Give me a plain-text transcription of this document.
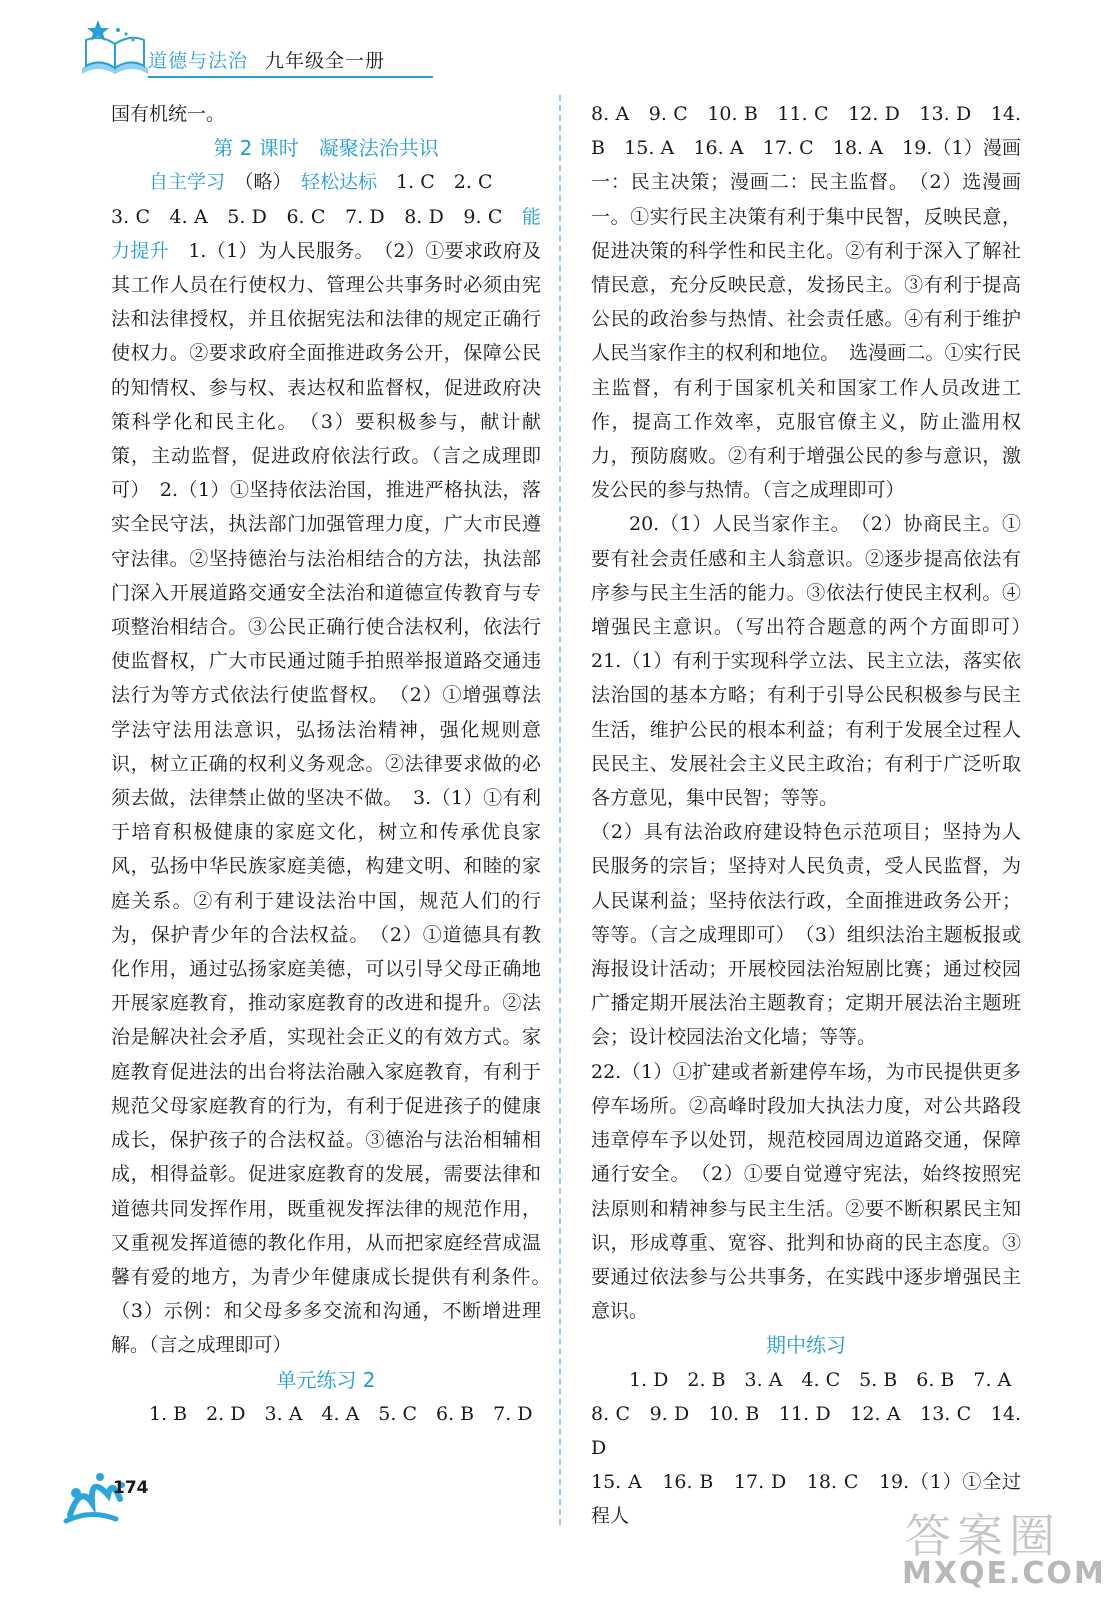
道德与法治 九年级全一册

国有机统一。

第 2 课时　凝聚法治共识

自主学习　 （略）　 轻松达标　 1. C　2. C

3. C　4. A　5. D　6. C　7. D　8. D　9. C　 能力提升　 1.（1）为人民服务。　（2）①要求政府及其工作人员在行使权力、管理公共事务时必须由宪法和法律授权，并且依据宪法和法律的规定正确行使权力。②要求政府全面推进政务公开，保障公民的知情权、参与权、表达权和监督权，促进政府决策科学化和民主化。　（3）要积极参与，献计献策，主动监督，促进政府依法行政。（言之成理即可）　2.（1）①坚持依法治国，推进严格执法，落实全民守法，执法部门加强管理力度，广大市民遵守法律。②坚持德治与法治相结合的方法，执法部门深入开展道路交通安全法治和道德宣传教育与专项整治相结合。③公民正确行使合法权利，依法行使监督权，广大市民通过随手拍照举报道路交通违法行为等方式依法行使监督权。　（2）①增强尊法学法守法用法意识，弘扬法治精神，强化规则意识，树立正确的权利义务观念。②法律要求做的必须去做，法律禁止做的坚决不做。　3.（1）①有利于培育积极健康的家庭文化，树立和传承优良家风，弘扬中华民族家庭美德，构建文明、和睦的家庭关系。②有利于建设法治中国，规范人们的行为，保护青少年的合法权益。　（2）①道德具有教化作用，通过弘扬家庭美德，可以引导父母正确地开展家庭教育，推动家庭教育的改进和提升。②法治是解决社会矛盾，实现社会正义的有效方式。家庭教育促进法的出台将法治融入家庭教育，有利于规范父母家庭教育的行为，有利于促进孩子的健康成长，保护孩子的合法权益。③德治与法治相辅相成，相得益彰。促进家庭教育的发展，需要法律和道德共同发挥作用，既重视发挥法律的规范作用，又重视发挥道德的教化作用，从而把家庭经营成温馨有爱的地方，为青少年健康成长提供有利条件。　（3）示例：和父母多多交流和沟通，不断增进理解。（言之成理即可）

单元练习 2

1. B　2. D　3. A　4. A　5. C　6. B　7. D

8. A　9. C　10. B　11. C　12. D　13. D　14. B　15. A　16. A　17. C　18. A　19.（1）漫画一：民主决策；漫画二：民主监督。　（2）选漫画一。①实行民主决策有利于集中民智，反映民意，促进决策的科学性和民主化。②有利于深入了解社情民意，充分反映民意，发扬民主。③有利于提高公民的政治参与热情、社会责任感。④有利于维护人民当家作主的权利和地位。　选漫画二。①实行民主监督，有利于国家机关和国家工作人员改进工作，提高工作效率，克服官僚主义，防止滥用权力，预防腐败。②有利于增强公民的参与意识，激发公民的参与热情。（言之成理即可）

20.（1）人民当家作主。　（2）协商民主。①要有社会责任感和主人翁意识。②逐步提高依法有序参与民主生活的能力。③依法行使民主权利。④增强民主意识。（写出符合题意的两个方面即可）　21.（1）有利于实现科学立法、民主立法，落实依法治国的基本方略；有利于引导公民积极参与民主生活，维护公民的根本利益；有利于发展全过程人民民主、发展社会主义民主政治；有利于广泛听取各方意见，集中民智；等等。

（2）具有法治政府建设特色示范项目；坚持为人民服务的宗旨；坚持对人民负责，受人民监督，为人民谋利益；坚持依法行政，全面推进政务公开；等等。（言之成理即可）　（3）组织法治主题板报或海报设计活动；开展校园法治短剧比赛；通过校园广播定期开展法治主题教育；定期开展法治主题班会；设计校园法治文化墙；等等。

22.（1）①扩建或者新建停车场，为市民提供更多停车场所。②高峰时段加大执法力度，对公共路段违章停车予以处罚，规范校园周边道路交通，保障通行安全。　（2）①要自觉遵守宪法，始终按照宪法原则和精神参与民主生活。②要不断积累民主知识，形成尊重、宽容、批判和协商的民主态度。③要通过依法参与公共事务，在实践中逐步增强民主意识。

期中练习

1. D　2. B　3. A　4. C　5. B　6. B　7. A

8. C　9. D　10. B　11. D　12. A　13. C　14. D

15. A　16. B　17. D　18. C　19.（1）①全过程人

174
答案圈
MXQE.COM
